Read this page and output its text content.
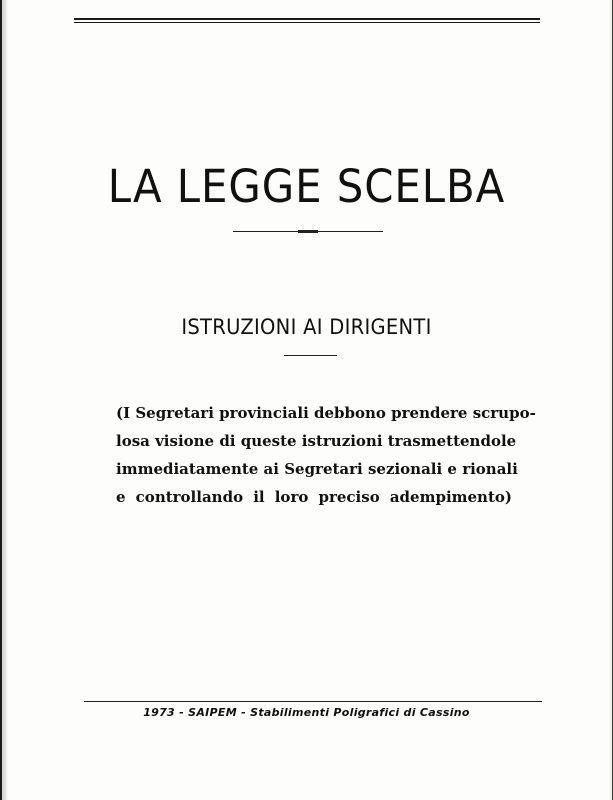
LA LEGGE SCELBA
ISTRUZIONI AI DIRIGENTI
(I Segretari provinciali debbono prendere scrupo-
losa visione di queste istruzioni trasmettendole
immediatamente ai Segretari sezionali e rionali
e controllando il loro preciso adempimento)
1973 - SAIPEM - Stabilimenti Poligrafici di Cassino
